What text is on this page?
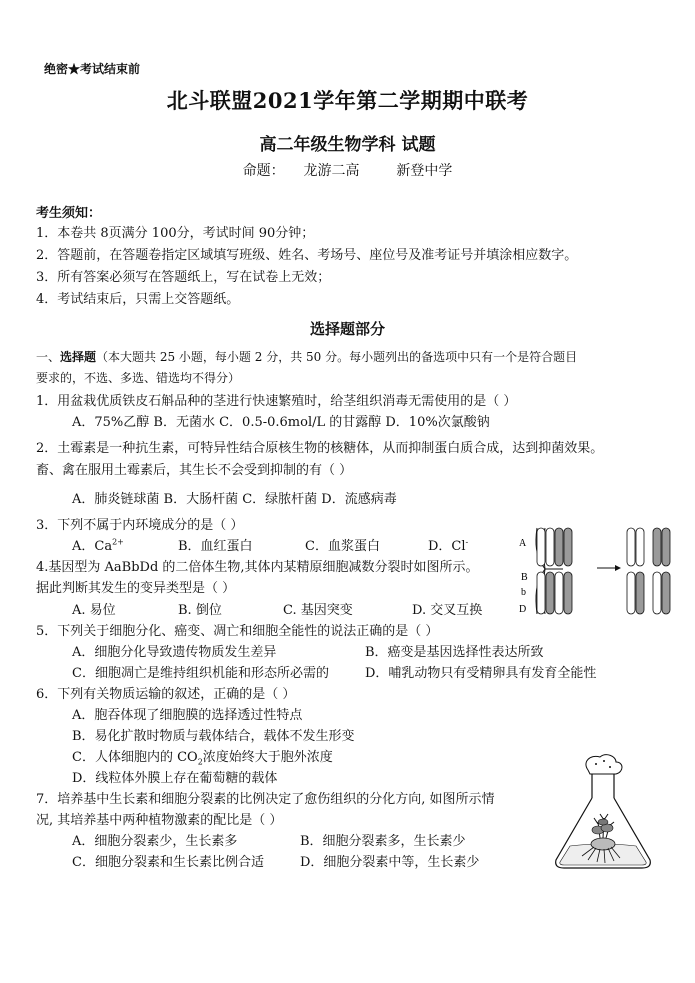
绝密★考试结束前
北斗联盟2021学年第二学期期中联考
高二年级生物学科 试题
命题： 龙游二高	新登中学
考生须知：
1．本卷共 8页满分 100分，考试时间 90分钟；
2．答题前，在答题卷指定区域填写班级、姓名、考场号、座位号及准考证号并填涂相应数字。
3．所有答案必须写在答题纸上，写在试卷上无效；
4．考试结束后，只需上交答题纸。
选择题部分
一、选择题（本大题共 25 小题，每小题 2 分，共 50 分。每小题列出的备选项中只有一个是符合题目
要求的，不选、多选、错选均不得分）
1．用盆栽优质铁皮石斛品种的茎进行快速繁殖时，给茎组织消毒无需使用的是（ ）
A．75%乙醇 B．无菌水 C．0.5-0.6mol/L 的甘露醇 D．10%次氯酸钠
2．土霉素是一种抗生素，可特异性结合原核生物的核糖体，从而抑制蛋白质合成，达到抑菌效果。
畜、禽在服用土霉素后，其生长不会受到抑制的有（ ）
A．肺炎链球菌 B．大肠杆菌 C．绿脓杆菌 D．流感病毒
3．下列不属于内环境成分的是（ ）
A．$Ca^{2+}$	B．血红蛋白	C．血浆蛋白	D．Cl-
4.基因型为 AaBbDd 的二倍体生物,其体内某精原细胞减数分裂时如图所示。
据此判断其发生的变异类型是（ ）
A. 易位	B. 倒位	C. 基因突变	D. 交叉互换
A
B
b
D
5．下列关于细胞分化、癌变、凋亡和细胞全能性的说法正确的是（ ）
A．细胞分化导致遗传物质发生差异	B．癌变是基因选择性表达所致
C．细胞凋亡是维持组织机能和形态所必需的	D．哺乳动物只有受精卵具有发育全能性
6．下列有关物质运输的叙述，正确的是（ ）
A．胞吞体现了细胞膜的选择透过性特点
B．易化扩散时物质与载体结合，载体不发生形变
C．人体细胞内的 $CO_2$浓度始终大于胞外浓度
D．线粒体外膜上存在葡萄糖的载体
7．培养基中生长素和细胞分裂素的比例决定了愈伤组织的分化方向, 如图所示情
况, 其培养基中两种植物激素的配比是（ ）
A．细胞分裂素少，生长素多	B．细胞分裂素多，生长素少
C．细胞分裂素和生长素比例合适	D．细胞分裂素中等，生长素少
